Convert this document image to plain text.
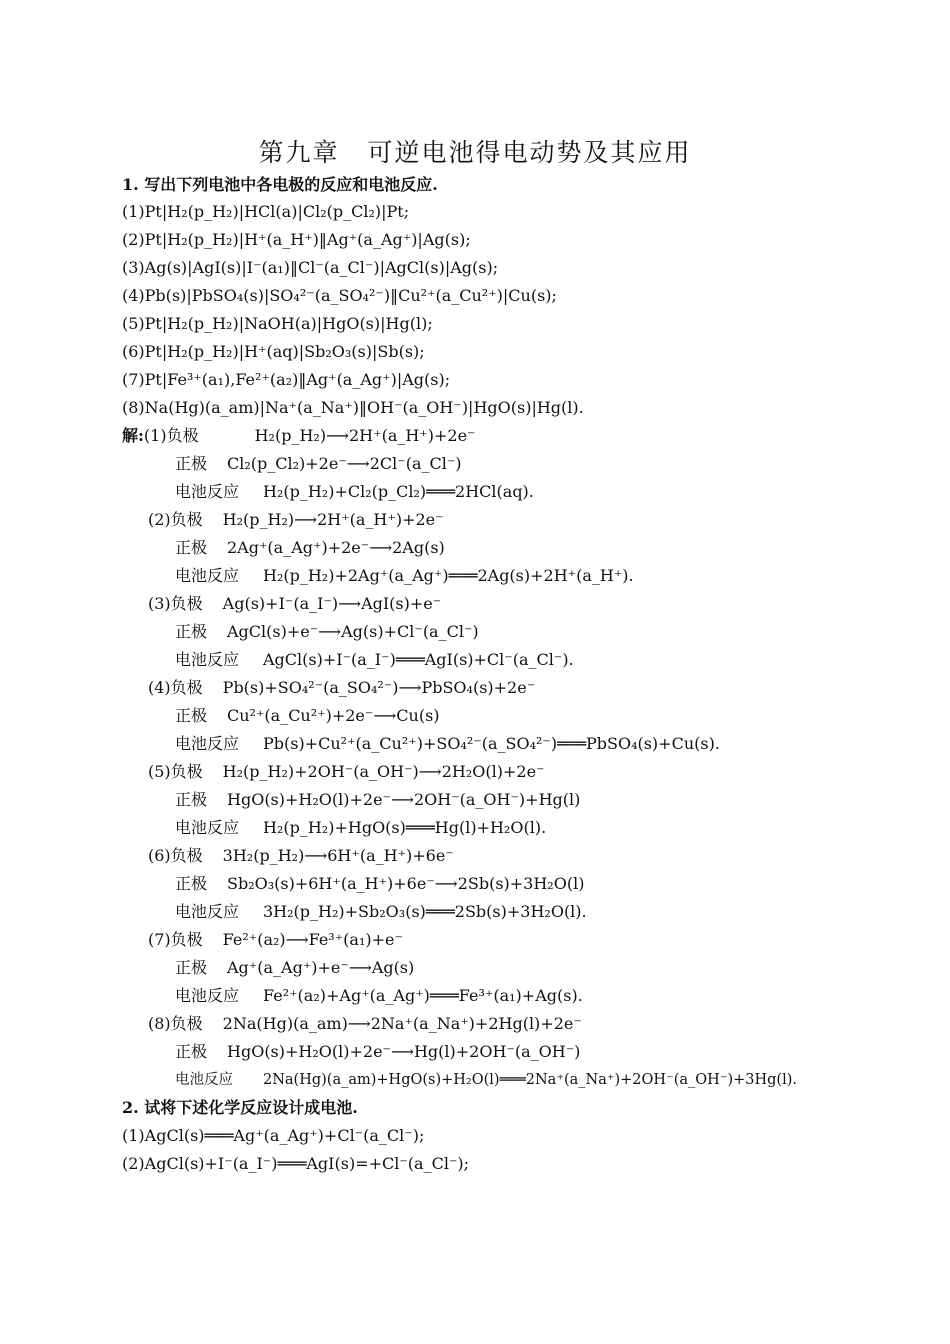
第九章 可逆电池得电动势及其应用
1. 写出下列电池中各电极的反应和电池反应.
(1)Pt|H₂(p_H₂)|HCl(a)|Cl₂(p_Cl₂)|Pt;
(2)Pt|H₂(p_H₂)|H⁺(a_H⁺)‖Ag⁺(a_Ag⁺)|Ag(s);
(3)Ag(s)|AgI(s)|I⁻(a₁)‖Cl⁻(a_Cl⁻)|AgCl(s)|Ag(s);
(4)Pb(s)|PbSO₄(s)|SO₄²⁻(a_SO₄²⁻)‖Cu²⁺(a_Cu²⁺)|Cu(s);
(5)Pt|H₂(p_H₂)|NaOH(a)|HgO(s)|Hg(l);
(6)Pt|H₂(p_H₂)|H⁺(aq)|Sb₂O₃(s)|Sb(s);
(7)Pt|Fe³⁺(a₁),Fe²⁺(a₂)‖Ag⁺(a_Ag⁺)|Ag(s);
(8)Na(Hg)(a_am)|Na⁺(a_Na⁺)‖OH⁻(a_OH⁻)|HgO(s)|Hg(l).
解:(1)负极	H₂(p_H₂)⟶2H⁺(a_H⁺)+2e⁻
正极 Cl₂(p_Cl₂)+2e⁻⟶2Cl⁻(a_Cl⁻)
电池反应 H₂(p_H₂)+Cl₂(p_Cl₂)═══2HCl(aq).
(2)负极 H₂(p_H₂)⟶2H⁺(a_H⁺)+2e⁻
正极 2Ag⁺(a_Ag⁺)+2e⁻⟶2Ag(s)
电池反应 H₂(p_H₂)+2Ag⁺(a_Ag⁺)═══2Ag(s)+2H⁺(a_H⁺).
(3)负极 Ag(s)+I⁻(a_I⁻)⟶AgI(s)+e⁻
正极 AgCl(s)+e⁻⟶Ag(s)+Cl⁻(a_Cl⁻)
电池反应 AgCl(s)+I⁻(a_I⁻)═══AgI(s)+Cl⁻(a_Cl⁻).
(4)负极 Pb(s)+SO₄²⁻(a_SO₄²⁻)⟶PbSO₄(s)+2e⁻
正极 Cu²⁺(a_Cu²⁺)+2e⁻⟶Cu(s)
电池反应 Pb(s)+Cu²⁺(a_Cu²⁺)+SO₄²⁻(a_SO₄²⁻)═══PbSO₄(s)+Cu(s).
(5)负极 H₂(p_H₂)+2OH⁻(a_OH⁻)⟶2H₂O(l)+2e⁻
正极 HgO(s)+H₂O(l)+2e⁻⟶2OH⁻(a_OH⁻)+Hg(l)
电池反应 H₂(p_H₂)+HgO(s)═══Hg(l)+H₂O(l).
(6)负极 3H₂(p_H₂)⟶6H⁺(a_H⁺)+6e⁻
正极 Sb₂O₃(s)+6H⁺(a_H⁺)+6e⁻⟶2Sb(s)+3H₂O(l)
电池反应 3H₂(p_H₂)+Sb₂O₃(s)═══2Sb(s)+3H₂O(l).
(7)负极 Fe²⁺(a₂)⟶Fe³⁺(a₁)+e⁻
正极 Ag⁺(a_Ag⁺)+e⁻⟶Ag(s)
电池反应 Fe²⁺(a₂)+Ag⁺(a_Ag⁺)═══Fe³⁺(a₁)+Ag(s).
(8)负极 2Na(Hg)(a_am)⟶2Na⁺(a_Na⁺)+2Hg(l)+2e⁻
正极 HgO(s)+H₂O(l)+2e⁻⟶Hg(l)+2OH⁻(a_OH⁻)
电池反应 2Na(Hg)(a_am)+HgO(s)+H₂O(l)═══2Na⁺(a_Na⁺)+2OH⁻(a_OH⁻)+3Hg(l).
2. 试将下述化学反应设计成电池.
(1)AgCl(s)═══Ag⁺(a_Ag⁺)+Cl⁻(a_Cl⁻);
(2)AgCl(s)+I⁻(a_I⁻)═══AgI(s)=+Cl⁻(a_Cl⁻);
